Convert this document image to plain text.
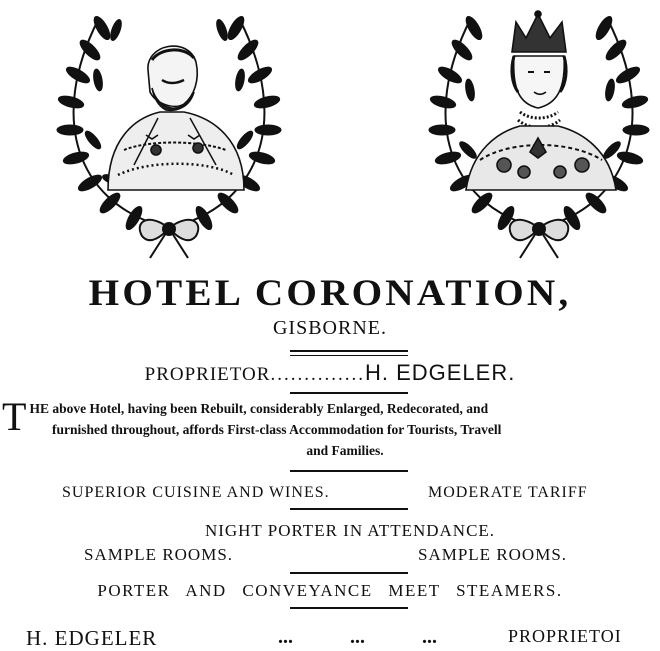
HOTEL CORONATION,
GISBORNE.
PROPRIETOR..............H. EDGELER.
T HE above Hotel, having been Rebuilt, considerably Enlarged, Redecorated, and
furnished throughout, affords First-class Accommodation for Tourists, Travell
and Families.
SUPERIOR CUISINE AND WINES.	MODERATE TARIFF
NIGHT PORTER IN ATTENDANCE.
SAMPLE ROOMS.	SAMPLE ROOMS.
PORTER AND CONVEYANCE MEET STEAMERS.
H. EDGELER	... ... ...	PROPRIETOI
